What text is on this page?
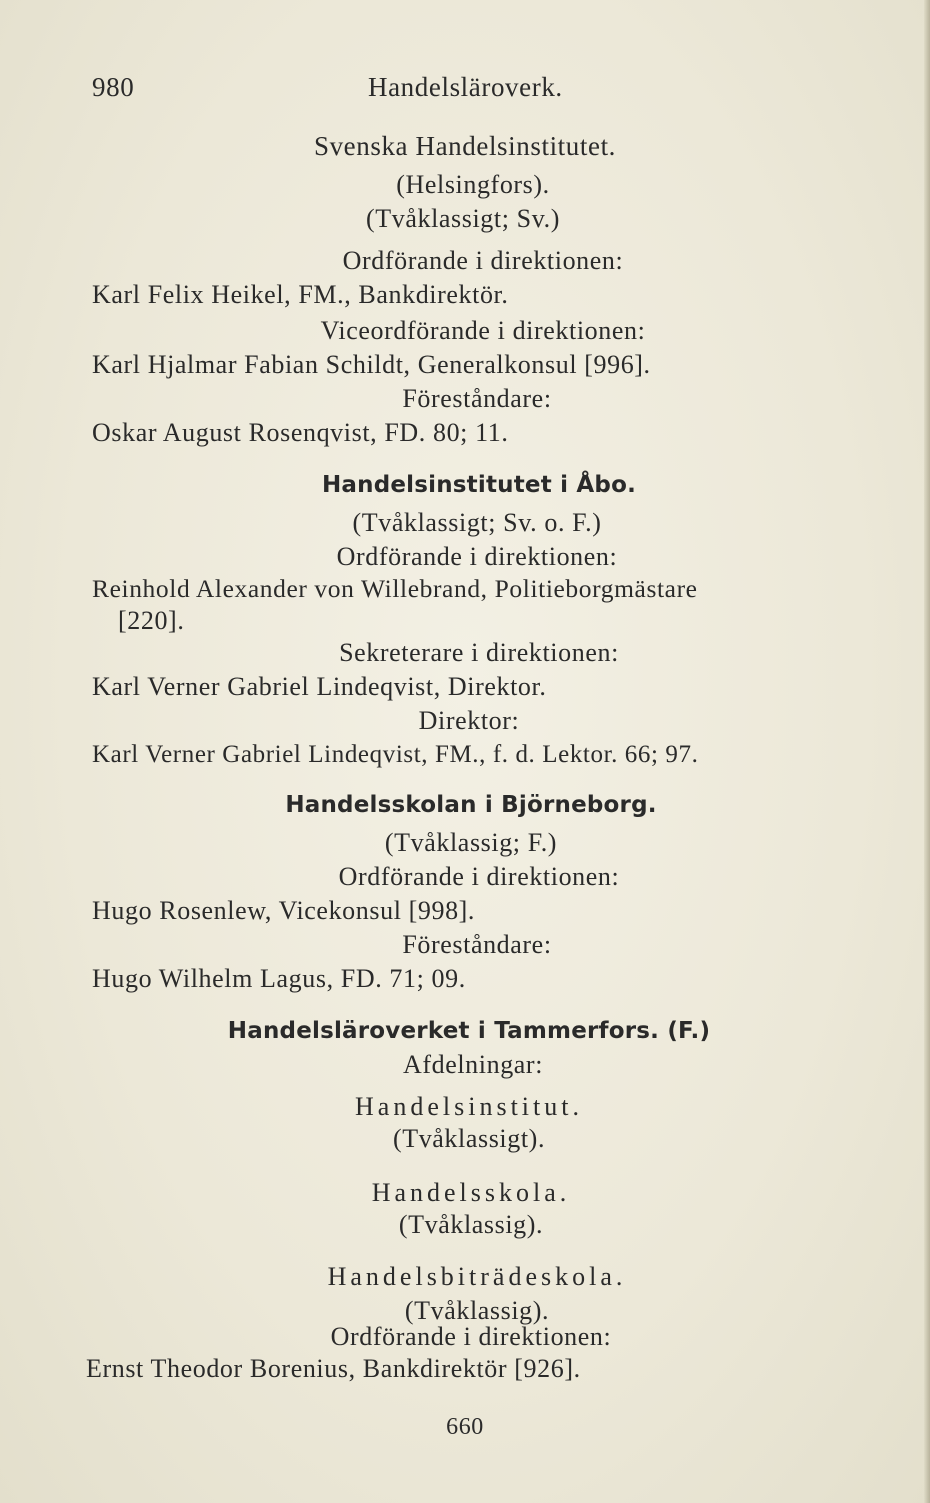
980	Handelsläroverk.
Svenska Handelsinstitutet.
(Helsingfors).
(Tvåklassigt; Sv.)
Ordförande i direktionen:
Karl Felix Heikel, FM., Bankdirektör.
Viceordförande i direktionen:
Karl Hjalmar Fabian Schildt, Generalkonsul [996].
Föreståndare:
Oskar August Rosenqvist, FD. 80; 11.
Handelsinstitutet i Åbo.
(Tvåklassigt; Sv. o. F.)
Ordförande i direktionen:
Reinhold Alexander von Willebrand, Politieborgmästare
[220].
Sekreterare i direktionen:
Karl Verner Gabriel Lindeqvist, Direktor.
Direktor:
Karl Verner Gabriel Lindeqvist, FM., f. d. Lektor. 66; 97.
Handelsskolan i Björneborg.
(Tvåklassig; F.)
Ordförande i direktionen:
Hugo Rosenlew, Vicekonsul [998].
Föreståndare:
Hugo Wilhelm Lagus, FD. 71; 09.
Handelsläroverket i Tammerfors. (F.)
Afdelningar:
Handelsinstitut.
(Tvåklassigt).
Handelsskola.
(Tvåklassig).
Handelsbiträdeskola.
(Tvåklassig).
Ordförande i direktionen:
Ernst Theodor Borenius, Bankdirektör [926].
660
